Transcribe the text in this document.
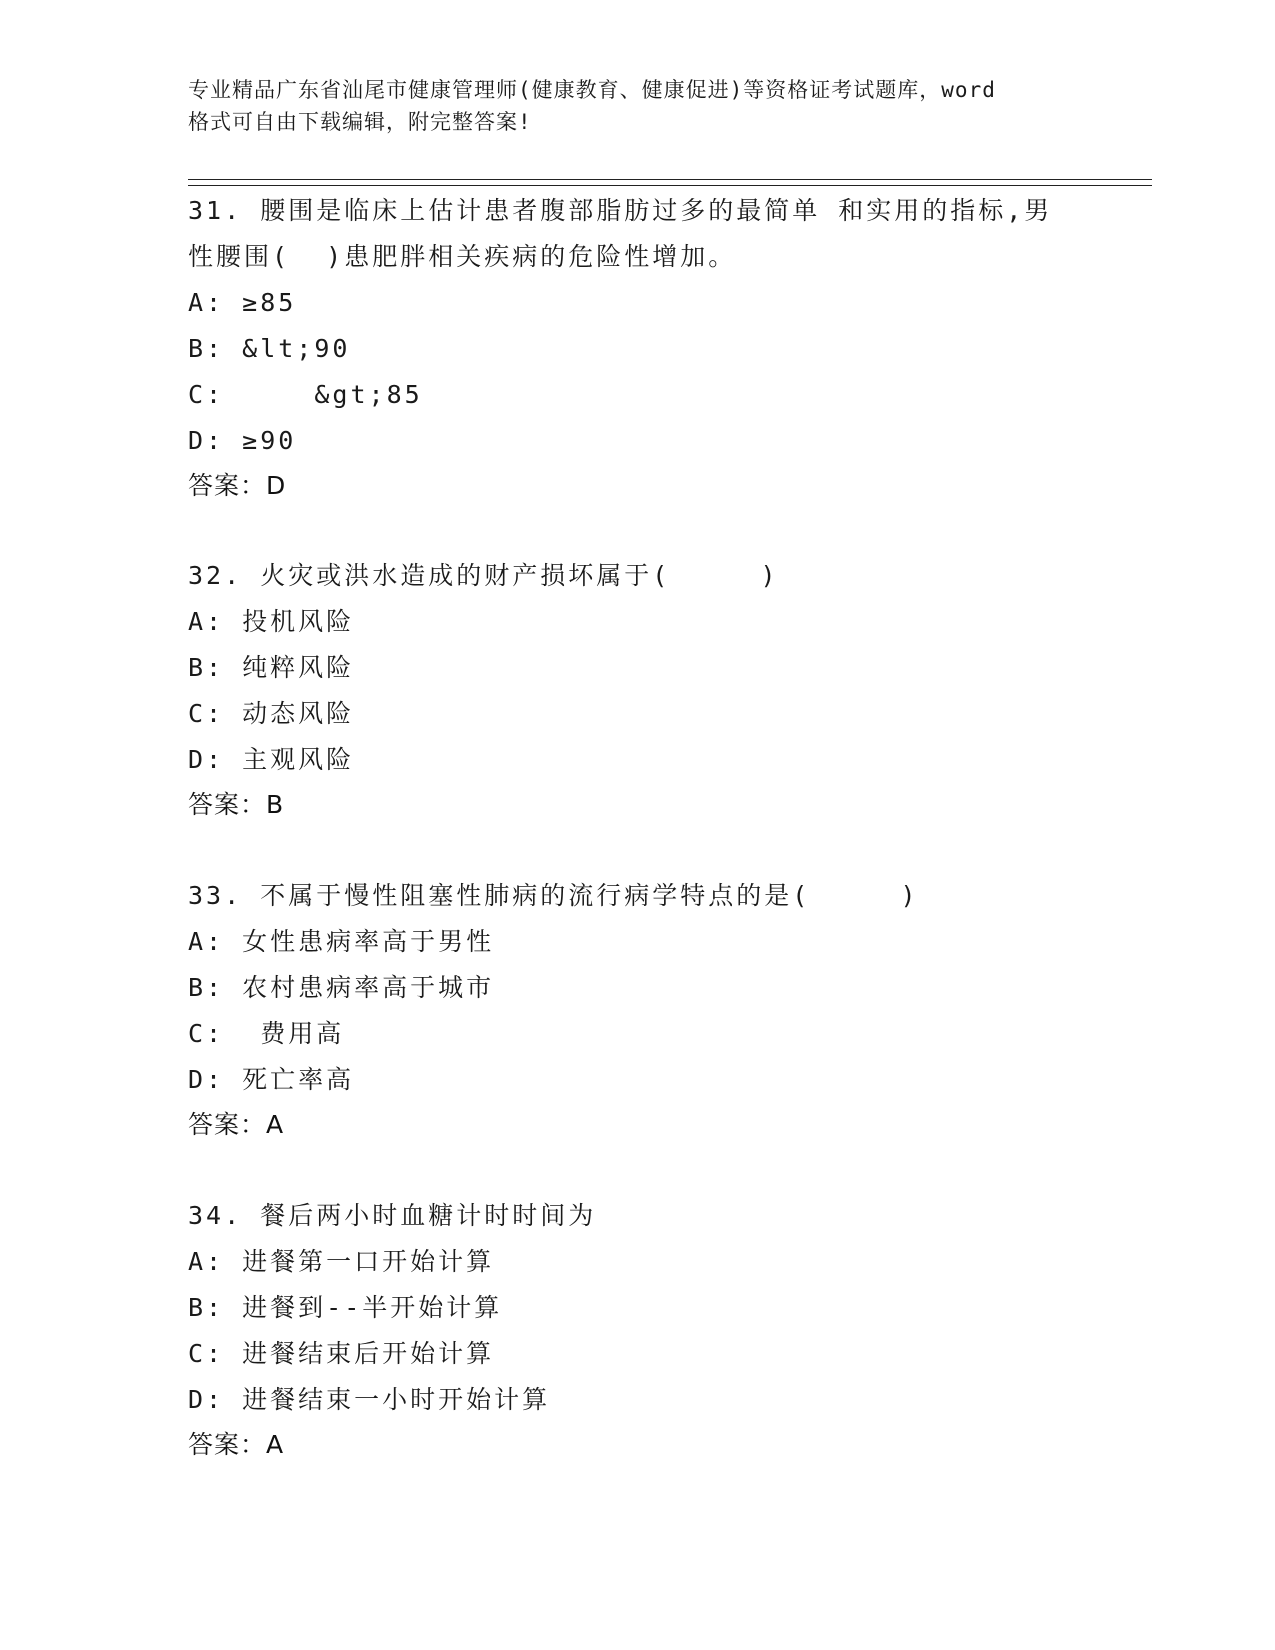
专业精品广东省汕尾市健康管理师(健康教育、健康促进)等资格证考试题库，word
格式可自由下载编辑，附完整答案!
31. 腰围是临床上估计患者腹部脂肪过多的最简单 和实用的指标,男
性腰围(  )患肥胖相关疾病的危险性增加。
A: ≥85
B: &lt;90
C:     &gt;85
D: ≥90
答案：D
32. 火灾或洪水造成的财产损坏属于(     )
A: 投机风险
B: 纯粹风险
C: 动态风险
D: 主观风险
答案：B
33. 不属于慢性阻塞性肺病的流行病学特点的是(     )
A: 女性患病率高于男性
B: 农村患病率高于城市
C:  费用高
D: 死亡率高
答案：A
34. 餐后两小时血糖计时时间为
A: 进餐第一口开始计算
B: 进餐到--半开始计算
C: 进餐结束后开始计算
D: 进餐结束一小时开始计算
答案：A
